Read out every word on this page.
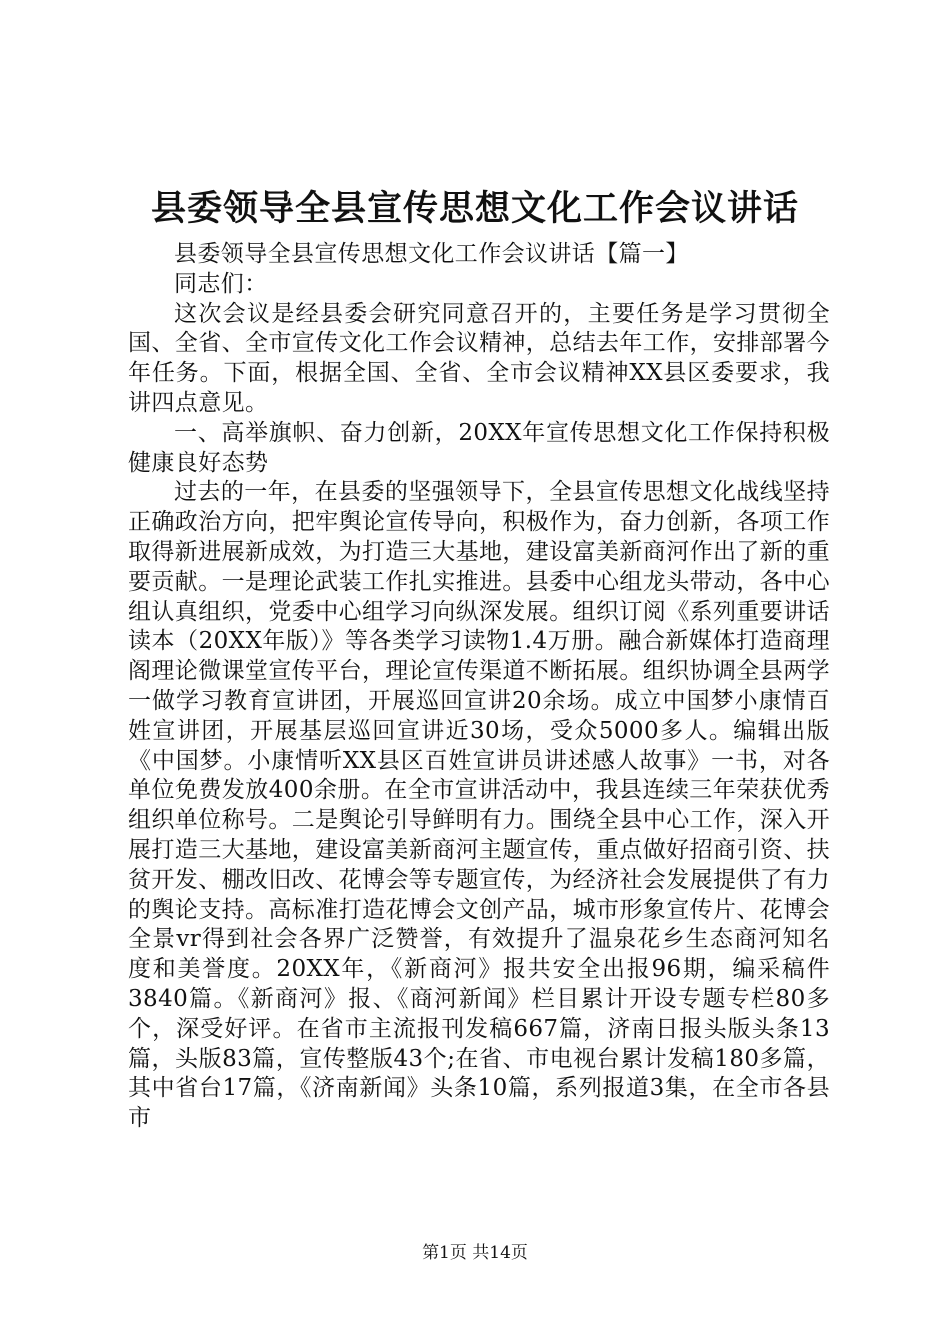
县委领导全县宣传思想文化工作会议讲话

县委领导全县宣传思想文化工作会议讲话【篇一】

同志们：

这次会议是经县委会研究同意召开的，主要任务是学习贯彻全国、全省、全市宣传文化工作会议精神，总结去年工作，安排部署今年任务。下面，根据全国、全省、全市会议精神XX县区委要求，我讲四点意见。

一、高举旗帜、奋力创新，20XX年宣传思想文化工作保持积极健康良好态势

过去的一年，在县委的坚强领导下，全县宣传思想文化战线坚持正确政治方向，把牢舆论宣传导向，积极作为，奋力创新，各项工作取得新进展新成效，为打造三大基地，建设富美新商河作出了新的重要贡献。一是理论武装工作扎实推进。县委中心组龙头带动，各中心组认真组织，党委中心组学习向纵深发展。组织订阅《系列重要讲话读本（20XX年版）》等各类学习读物1.4万册。融合新媒体打造商理阁理论微课堂宣传平台，理论宣传渠道不断拓展。组织协调全县两学一做学习教育宣讲团，开展巡回宣讲20余场。成立中国梦小康情百姓宣讲团，开展基层巡回宣讲近30场，受众5000多人。编辑出版《中国梦。小康情听XX县区百姓宣讲员讲述感人故事》一书，对各单位免费发放400余册。在全市宣讲活动中，我县连续三年荣获优秀组织单位称号。二是舆论引导鲜明有力。围绕全县中心工作，深入开展打造三大基地，建设富美新商河主题宣传，重点做好招商引资、扶贫开发、棚改旧改、花博会等专题宣传，为经济社会发展提供了有力的舆论支持。高标准打造花博会文创产品，城市形象宣传片、花博会全景vr得到社会各界广泛赞誉，有效提升了温泉花乡生态商河知名度和美誉度。20XX年，《新商河》报共安全出报96期，编采稿件3840篇。《新商河》报、《商河新闻》栏目累计开设专题专栏80多个，深受好评。在省市主流报刊发稿667篇，济南日报头版头条13篇，头版83篇，宣传整版43个;在省、市电视台累计发稿180多篇，其中省台17篇，《济南新闻》头条10篇，系列报道3集，在全市各县市

第1页 共14页
